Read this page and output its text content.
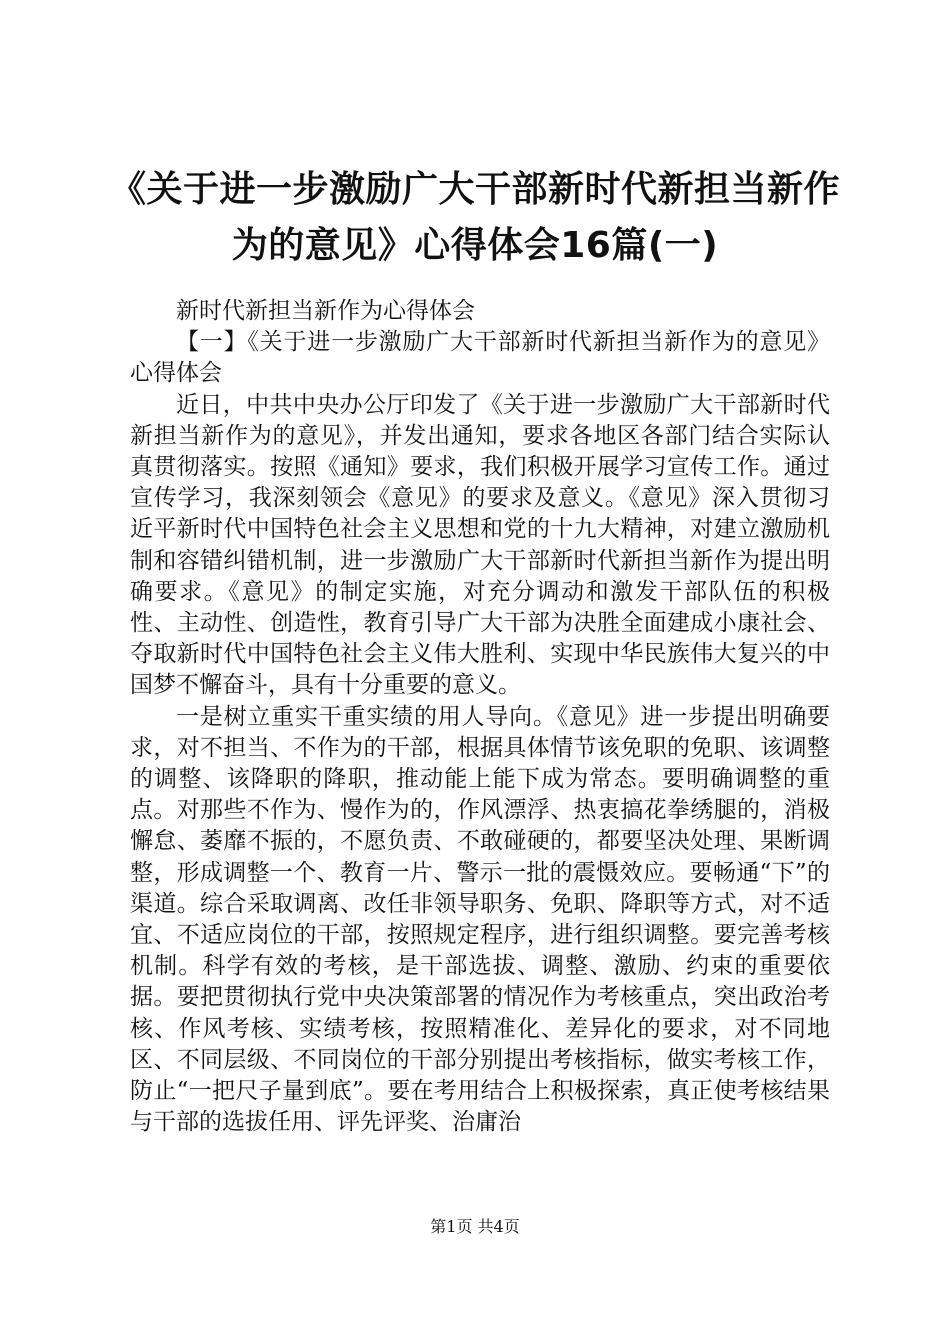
《关于进一步激励广大干部新时代新担当新作为的意见》心得体会16篇(一)

新时代新担当新作为心得体会

【一】《关于进一步激励广大干部新时代新担当新作为的意见》心得体会

近日，中共中央办公厅印发了《关于进一步激励广大干部新时代新担当新作为的意见》，并发出通知，要求各地区各部门结合实际认真贯彻落实。按照《通知》要求，我们积极开展学习宣传工作。通过宣传学习，我深刻领会《意见》的要求及意义。《意见》深入贯彻习近平新时代中国特色社会主义思想和党的十九大精神，对建立激励机制和容错纠错机制，进一步激励广大干部新时代新担当新作为提出明确要求。《意见》的制定实施，对充分调动和激发干部队伍的积极性、主动性、创造性，教育引导广大干部为决胜全面建成小康社会、夺取新时代中国特色社会主义伟大胜利、实现中华民族伟大复兴的中国梦不懈奋斗，具有十分重要的意义。

一是树立重实干重实绩的用人导向。《意见》进一步提出明确要求，对不担当、不作为的干部，根据具体情节该免职的免职、该调整的调整、该降职的降职，推动能上能下成为常态。要明确调整的重点。对那些不作为、慢作为的，作风漂浮、热衷搞花拳绣腿的，消极懈怠、萎靡不振的，不愿负责、不敢碰硬的，都要坚决处理、果断调整，形成调整一个、教育一片、警示一批的震慑效应。要畅通“下”的渠道。综合采取调离、改任非领导职务、免职、降职等方式，对不适宜、不适应岗位的干部，按照规定程序，进行组织调整。要完善考核机制。科学有效的考核，是干部选拔、调整、激励、约束的重要依据。要把贯彻执行党中央决策部署的情况作为考核重点，突出政治考核、作风考核、实绩考核，按照精准化、差异化的要求，对不同地区、不同层级、不同岗位的干部分别提出考核指标，做实考核工作，防止“一把尺子量到底”。要在考用结合上积极探索，真正使考核结果与干部的选拔任用、评先评奖、治庸治

第1页 共4页
